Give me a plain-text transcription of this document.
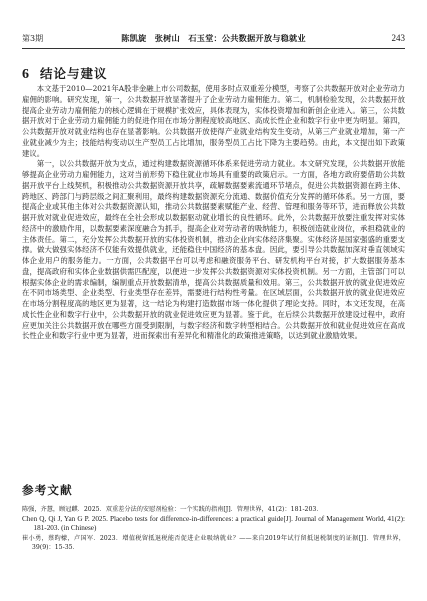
第3期	陈凯旋　张树山　石玉堂：公共数据开放与稳就业	243
6 结论与建议

本文基于2010—2021年A股非金融上市公司数据，使用多时点双重差分模型，考察了公共数据开放对企业劳动力雇佣的影响。研究发现，第一，公共数据开放显著提升了企业劳动力雇佣能力。第二，机制检验发现，公共数据开放提高企业劳动力雇佣能力的核心逻辑在于规模扩张效应，具体表现为，实体投资增加和新创企业进入。第三，公共数据开放对于企业劳动力雇佣能力的促进作用在市场分割程度较高地区、高成长性企业和数字行业中更为明显。第四，公共数据开放对就业结构也存在显著影响。公共数据开放使得产业就业结构发生变动，从第三产业就业增加，第一产业就业减少为主；技能结构变动以生产型员工占比增加，服务型员工占比下降为主要趋势。由此，本文提出如下政策建议。

第一，以公共数据开放为支点，通过构建数据资源循环体系来促进劳动力就业。本文研究发现，公共数据开放能够提高企业劳动力雇佣能力，这对当前形势下稳住就业市场具有重要的政策启示。一方面，各地方政府要借助公共数据开放平台上线契机，积极推动公共数据资源开放共享，疏解数据要素流通环节堵点，促进公共数据资源在跨主体、跨地区、跨部门与跨层级之间汇聚利用，最终构建数据资源充分流通、数据价值充分发挥的循环体系。另一方面，要提高企业或其他主体对公共数据资源认知，推动公共数据要素赋能产业、经营、管理和服务等环节，进而释放公共数据开放对就业促进效应，最终在全社会形成以数据驱动就业增长的良性循环。此外，公共数据开放要注重发挥对实体经济中的激励作用，以数据要素深度融合为抓手，提高企业对劳动者的吸纳能力，积极创造就业岗位，承担稳就业的主体责任。第二，充分发挥公共数据开放的实体投资机制，推动企业向实体经济集聚。实体经济是国家强盛的重要支撑。做大做强实体经济不仅能有效提供就业，还能稳住中国经济的基本盘。因此，要引导公共数据加深对垂直领域实体企业用户的服务能力。一方面，公共数据平台可以考虑和融资服务平台、研发机构平台对接，扩大数据服务基本盘，提高政府和实体企业数据供需匹配度，以便进一步发挥公共数据资源对实体投资机制。另一方面，主管部门可以根据实体企业的需求编制，编制重点开放数据清单，提高公共数据质量和效用。第三，公共数据开放的就业促进效应在不同市场类型、企业类型、行业类型存在差异，需要进行结构性考量。在区域层面，公共数据开放的就业促进效应在市场分割程度高的地区更为显著，这一结论为构建打造数据市场一体化提供了理论支持。同时，本文还发现，在高成长性企业和数字行业中，公共数据开放的就业促进效应更为显著。鉴于此，在后续公共数据开放建设过程中，政府应更加关注公共数据开放在哪些方面受到限制，与数字经济和数字转型相结合。公共数据开放和就业促进效应在高成长性企业和数字行业中更为显著，进而探索出有差异化和精准化的政策推进策略，以达到就业激励效果。

参考文献
陈强，齐慧，顾冠麒．2025．双重差分法的安慰剂检验：一个实践的指南[J]．管理世界，41(2)：181-203．
Chen Q, Qi J, Yan G P. 2025. Placebo tests for difference-in-differences: a practical guide[J]. Journal of Management World, 41(2): 181-203. (in Chinese)
崔小勇，蔡昀檬，卢国军．2023．增值税留抵退税能否促进企业吸纳就业？——来自2019年试行留抵退税制度的证据[J]．管理世界，39(9)：15-35．
